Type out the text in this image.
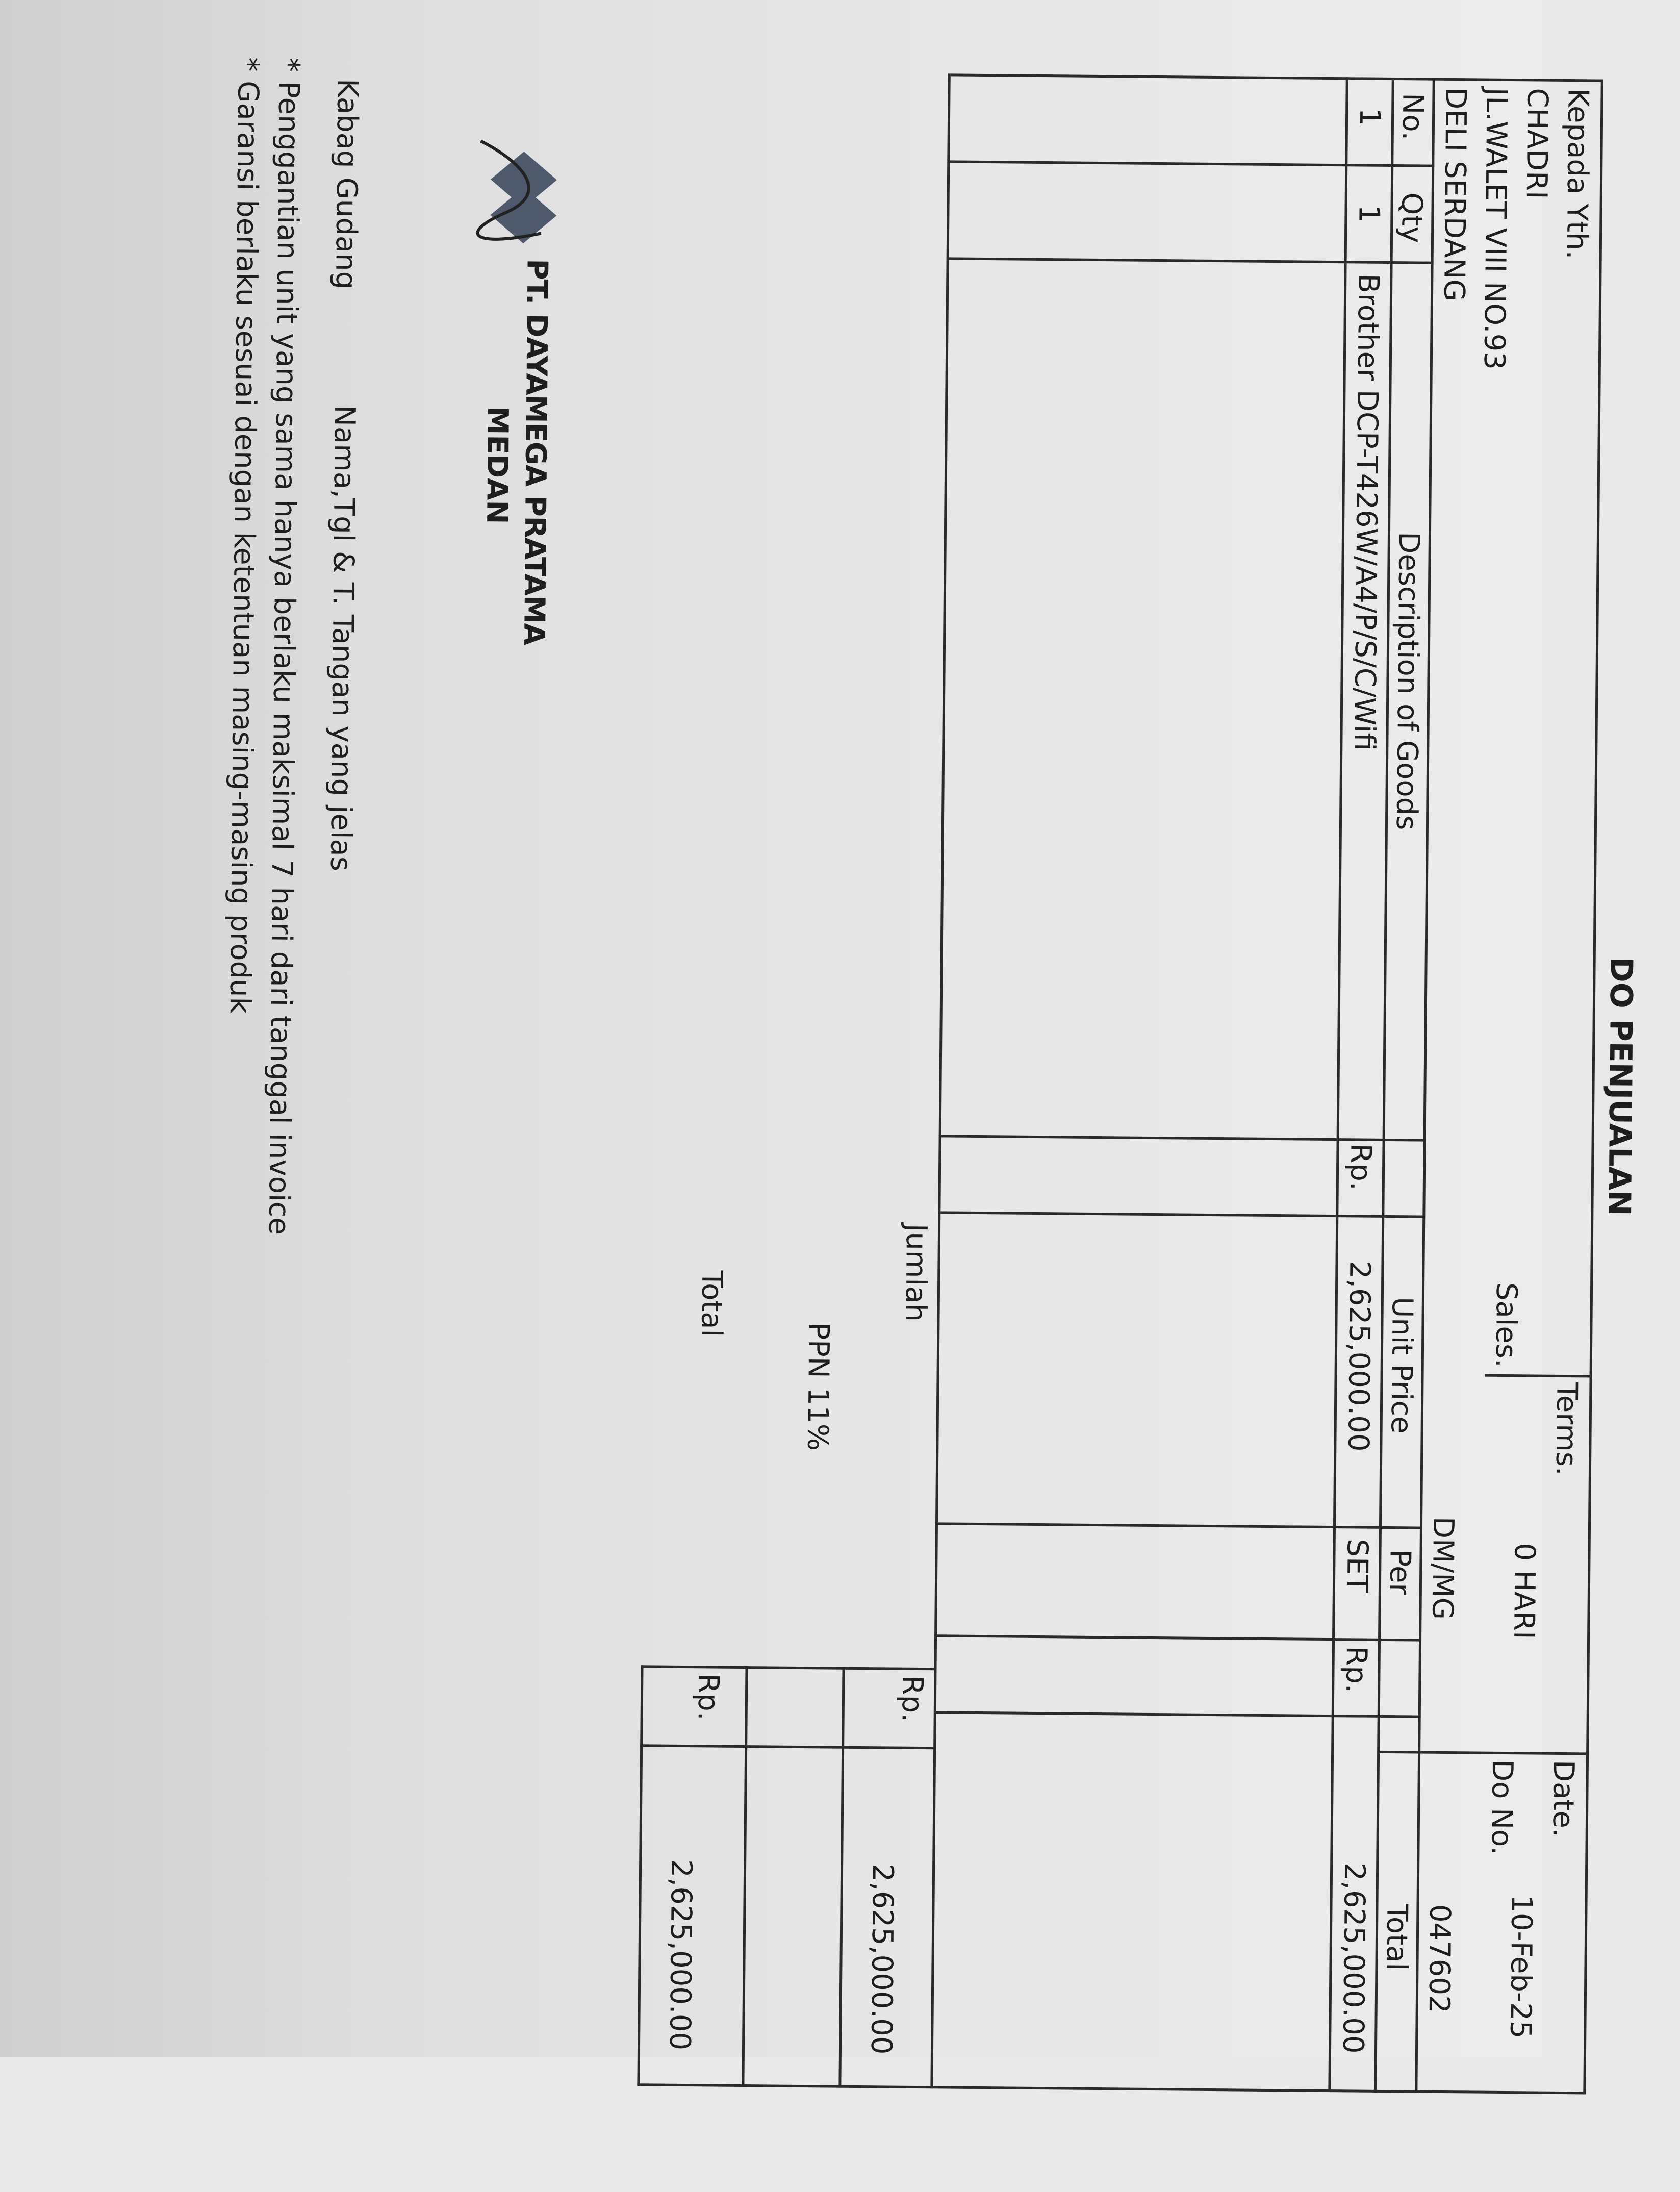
DO PENJUALAN
Kepada Yth.
CHADRI
JL.WALET VIII NO.93
DELI SERDANG
Terms.
0 HARI
Date.
10-Feb-25
Sales.
DM/MG
Do No.
047602
No.
Qty
Description of Goods
Unit Price
Per
Total
1
1
Brother DCP-T426W/A4/P/S/C/Wifi
Rp.
2,625,000.00
SET
Rp.
2,625,000.00
Jumlah
Rp.
2,625,000.00
PPN 11%
Total
Rp.
2,625,000.00
PT. DAYAMEGA PRATAMA
MEDAN
Kabag Gudang
Nama,Tgl & T. Tangan yang jelas
* Penggantian unit yang sama hanya berlaku maksimal 7 hari dari tanggal invoice
* Garansi berlaku sesuai dengan ketentuan masing-masing produk
